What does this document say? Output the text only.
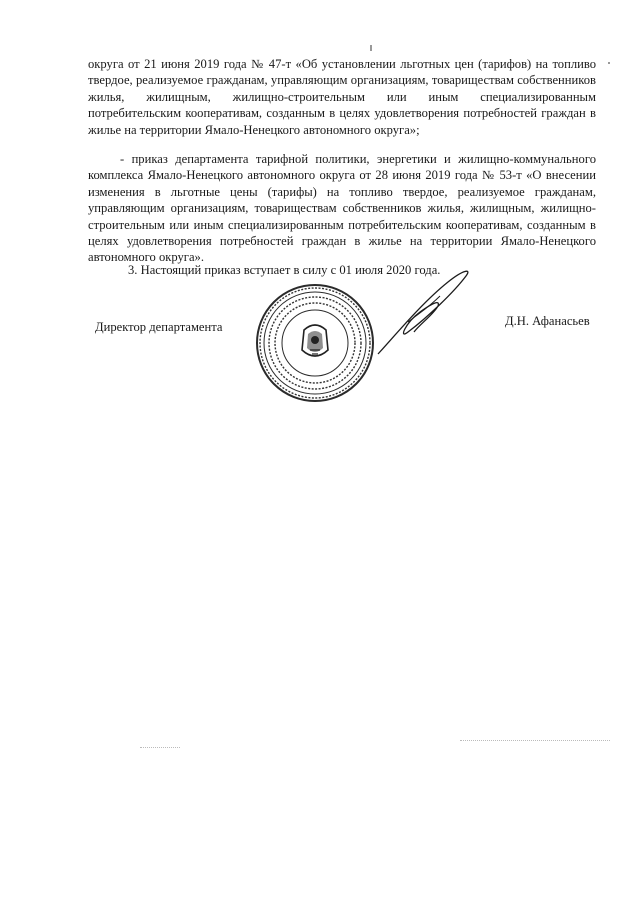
округа от 21 июня 2019 года № 47-т «Об установлении льготных цен (тарифов) на топливо твердое, реализуемое гражданам, управляющим организациям, товариществам собственников жилья, жилищным, жилищно-строительным или иным специализированным потребительским кооперативам, созданным в целях удовлетворения потребностей граждан в жилье на территории Ямало-Ненецкого автономного округа»;

- приказ департамента тарифной политики, энергетики и жилищно-коммунального комплекса Ямало-Ненецкого автономного округа от 28 июня 2019 года № 53-т «О внесении изменения в льготные цены (тарифы) на топливо твердое, реализуемое гражданам, управляющим организациям, товариществам собственников жилья, жилищным, жилищно-строительным или иным специализированным потребительским кооперативам, созданным в целях удовлетворения потребностей граждан в жилье на территории Ямало-Ненецкого автономного округа».

3. Настоящий приказ вступает в силу с 01 июля 2020 года.

Директор департамента	Д.Н. Афанасьев
